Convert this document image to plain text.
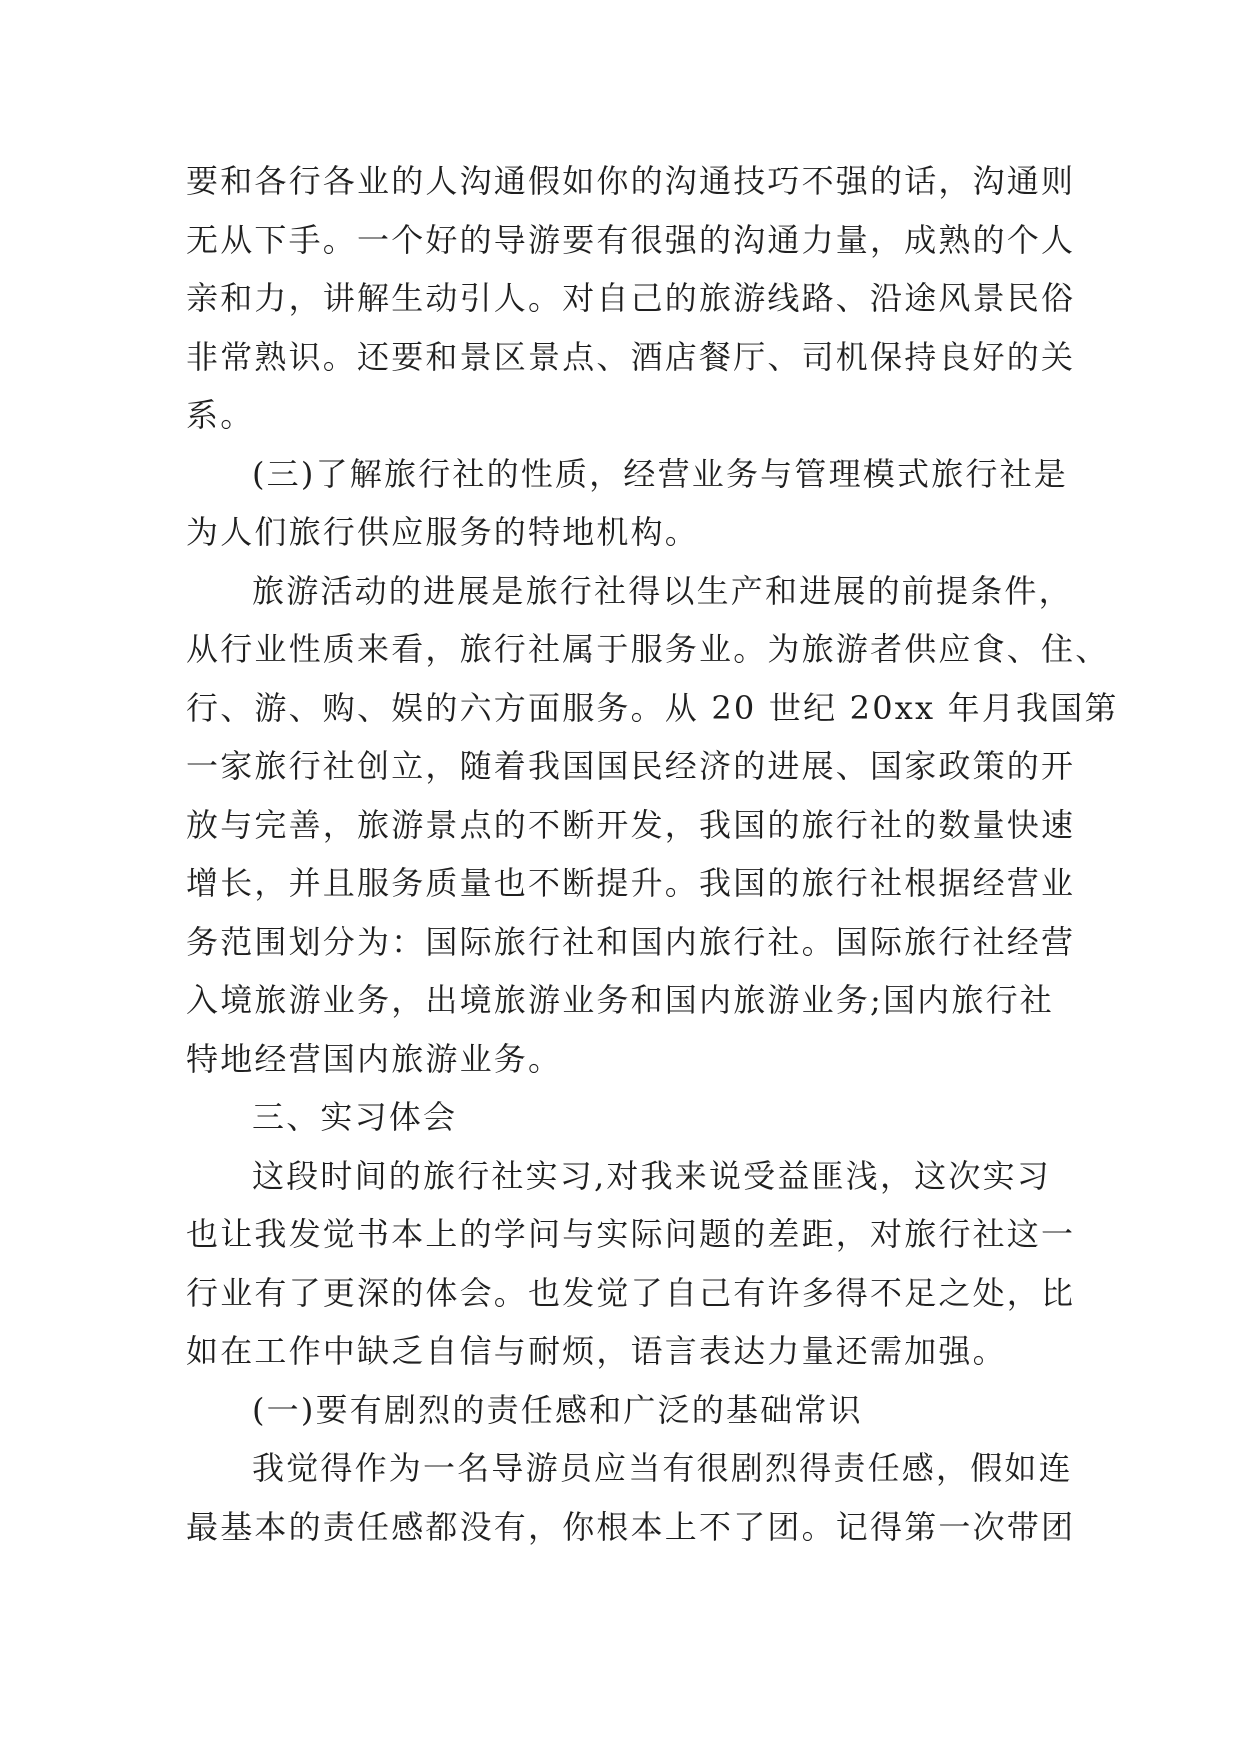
要和各行各业的人沟通假如你的沟通技巧不强的话，沟通则
无从下手。一个好的导游要有很强的沟通力量，成熟的个人
亲和力，讲解生动引人。对自己的旅游线路、沿途风景民俗
非常熟识。还要和景区景点、酒店餐厅、司机保持良好的关
系。

(三)了解旅行社的性质，经营业务与管理模式旅行社是
为人们旅行供应服务的特地机构。

旅游活动的进展是旅行社得以生产和进展的前提条件，
从行业性质来看，旅行社属于服务业。为旅游者供应食、住、
行、游、购、娱的六方面服务。从 20 世纪 20xx 年月我国第
一家旅行社创立，随着我国国民经济的进展、国家政策的开
放与完善，旅游景点的不断开发，我国的旅行社的数量快速
增长，并且服务质量也不断提升。我国的旅行社根据经营业
务范围划分为：国际旅行社和国内旅行社。国际旅行社经营
入境旅游业务，出境旅游业务和国内旅游业务;国内旅行社
特地经营国内旅游业务。

三、实习体会

这段时间的旅行社实习,对我来说受益匪浅，这次实习
也让我发觉书本上的学问与实际问题的差距，对旅行社这一
行业有了更深的体会。也发觉了自己有许多得不足之处，比
如在工作中缺乏自信与耐烦，语言表达力量还需加强。

(一)要有剧烈的责任感和广泛的基础常识

我觉得作为一名导游员应当有很剧烈得责任感，假如连
最基本的责任感都没有，你根本上不了团。记得第一次带团
